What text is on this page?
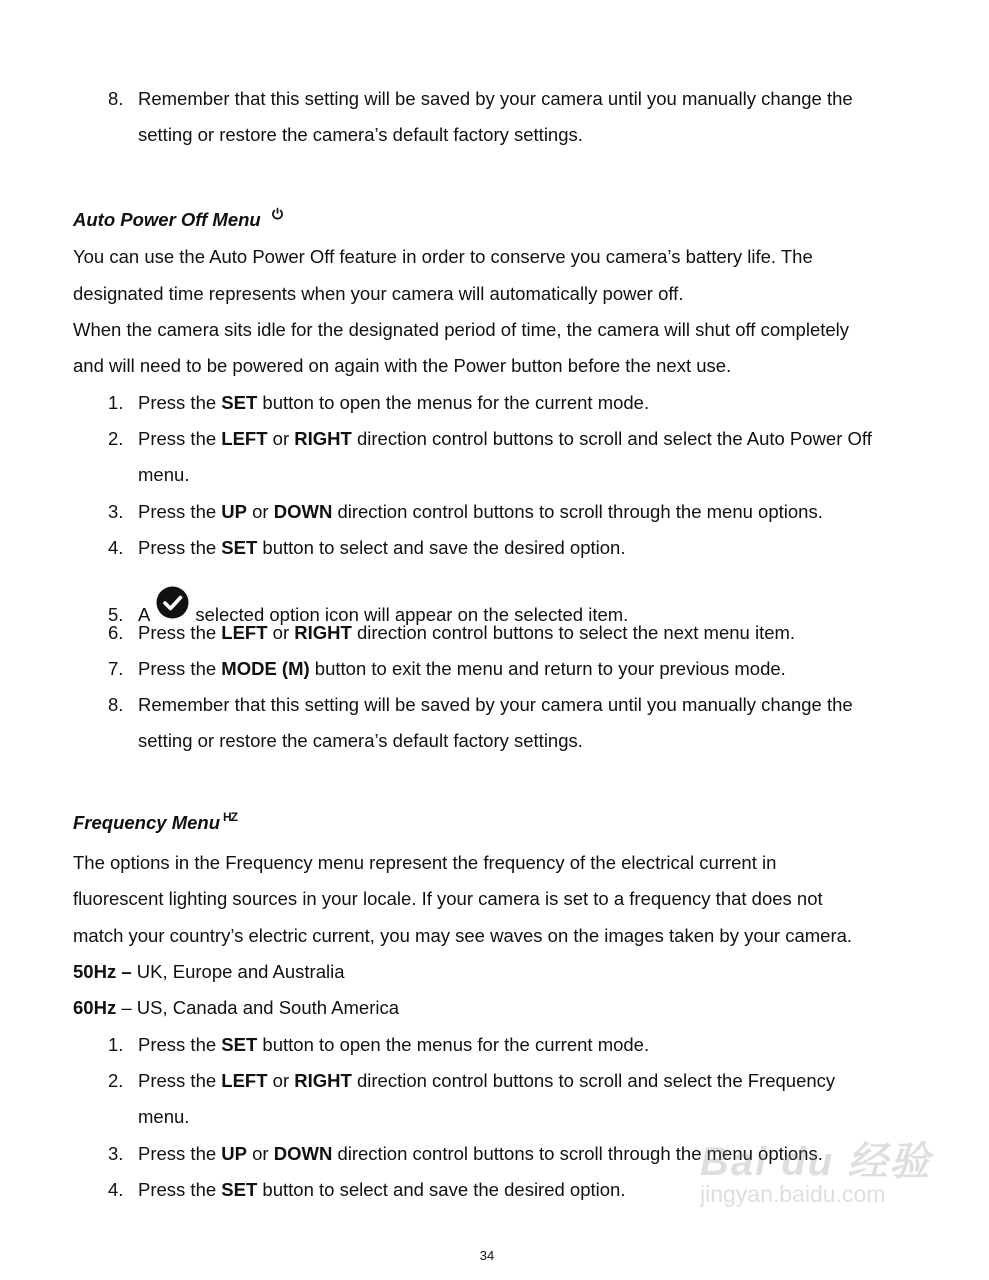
8. Remember that this setting will be saved by your camera until you manually change the
setting or restore the camera’s default factory settings.
Auto Power Off Menu
You can use the Auto Power Off feature in order to conserve you camera’s battery life. The
designated time represents when your camera will automatically power off.
When the camera sits idle for the designated period of time, the camera will shut off completely
and will need to be powered on again with the Power button before the next use.
1. Press the SET button to open the menus for the current mode.
2. Press the LEFT or RIGHT direction control buttons to scroll and select the Auto Power Off
menu.
3. Press the UP or DOWN direction control buttons to scroll through the menu options.
4. Press the SET button to select and save the desired option.
5. A selected option icon will appear on the selected item.
6. Press the LEFT or RIGHT direction control buttons to select the next menu item.
7. Press the MODE (M) button to exit the menu and return to your previous mode.
8. Remember that this setting will be saved by your camera until you manually change the
setting or restore the camera’s default factory settings.
Frequency Menu $^{HZ}$
The options in the Frequency menu represent the frequency of the electrical current in
fluorescent lighting sources in your locale. If your camera is set to a frequency that does not
match your country’s electric current, you may see waves on the images taken by your camera.
50Hz – UK, Europe and Australia
60Hz – US, Canada and South America
1. Press the SET button to open the menus for the current mode.
2. Press the LEFT or RIGHT direction control buttons to scroll and select the Frequency
menu.
3. Press the UP or DOWN direction control buttons to scroll through the menu options.
4. Press the SET button to select and save the desired option.
Bai du 经验
jingyan.baidu.com
34
